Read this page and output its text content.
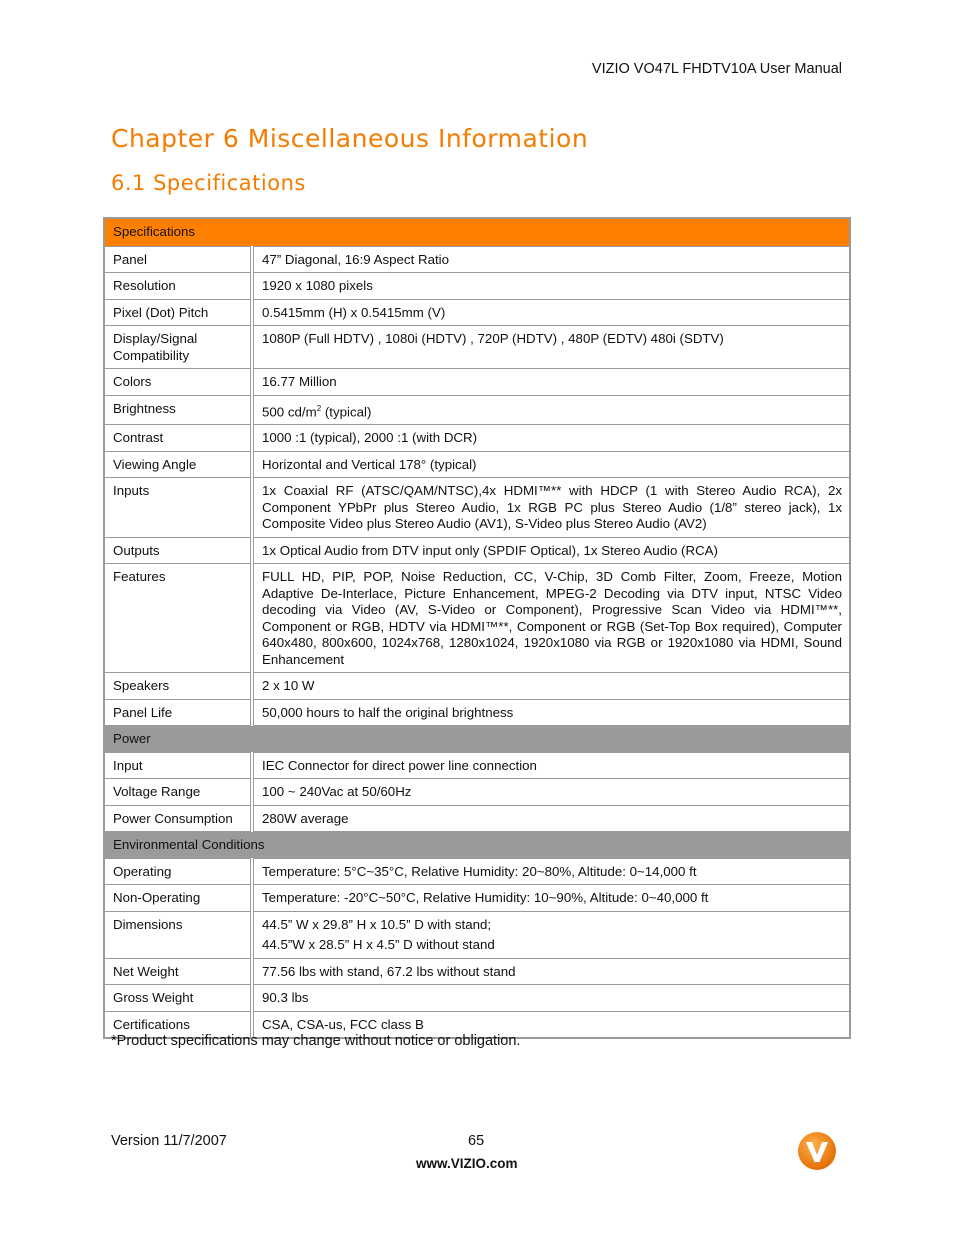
VIZIO VO47L FHDTV10A User Manual
Chapter 6 Miscellaneous Information
6.1 Specifications
Specifications	
Panel	47” Diagonal, 16:9 Aspect Ratio
Resolution	1920 x 1080 pixels
Pixel (Dot) Pitch	0.5415mm (H) x 0.5415mm (V)
Display/Signal Compatibility	1080P (Full HDTV) , 1080i (HDTV) , 720P (HDTV) , 480P (EDTV) 480i (SDTV)
Colors	16.77 Million
Brightness	500 $cd/m^2$ (typical)
Contrast	1000 :1 (typical), 2000 :1 (with DCR)
Viewing Angle	Horizontal and Vertical 178° (typical)
Inputs	1x Coaxial RF (ATSC/QAM/NTSC),4x HDMI™** with HDCP (1 with Stereo Audio RCA), 2x Component YPbPr plus Stereo Audio, 1x RGB PC plus Stereo Audio (1/8” stereo jack), 1x Composite Video plus Stereo Audio (AV1), S-Video plus Stereo Audio (AV2)
Outputs	1x Optical Audio from DTV input only (SPDIF Optical), 1x Stereo Audio (RCA)
Features	FULL HD, PIP, POP, Noise Reduction, CC, V-Chip, 3D Comb Filter, Zoom, Freeze, Motion Adaptive De-Interlace, Picture Enhancement, MPEG-2 Decoding via DTV input, NTSC Video decoding via Video (AV, S-Video or Component), Progressive Scan Video via HDMI™**, Component or RGB, HDTV via HDMI™**, Component or RGB (Set-Top Box required), Computer 640x480, 800x600, 1024x768, 1280x1024, 1920x1080 via RGB or 1920x1080 via HDMI, Sound Enhancement
Speakers	2 x 10 W
Panel Life	50,000 hours to half the original brightness
Power	
Input	IEC Connector for direct power line connection
Voltage Range	100 ~ 240Vac at 50/60Hz
Power Consumption	280W average
Environmental Conditions	
Operating	Temperature: 5°C~35°C, Relative Humidity: 20~80%, Altitude: 0~14,000 ft
Non-Operating	Temperature: -20°C~50°C, Relative Humidity: 10~90%, Altitude: 0~40,000 ft
Dimensions	44.5” W x 29.8” H x 10.5” D with stand;
44.5”W x 28.5” H x 4.5” D without stand

Net Weight	77.56 lbs with stand, 67.2 lbs without stand
Gross Weight	90.3 lbs
Certifications	CSA, CSA-us, FCC class B
*Product specifications may change without notice or obligation.
Version 11/7/2007	65
www.VIZIO.com
